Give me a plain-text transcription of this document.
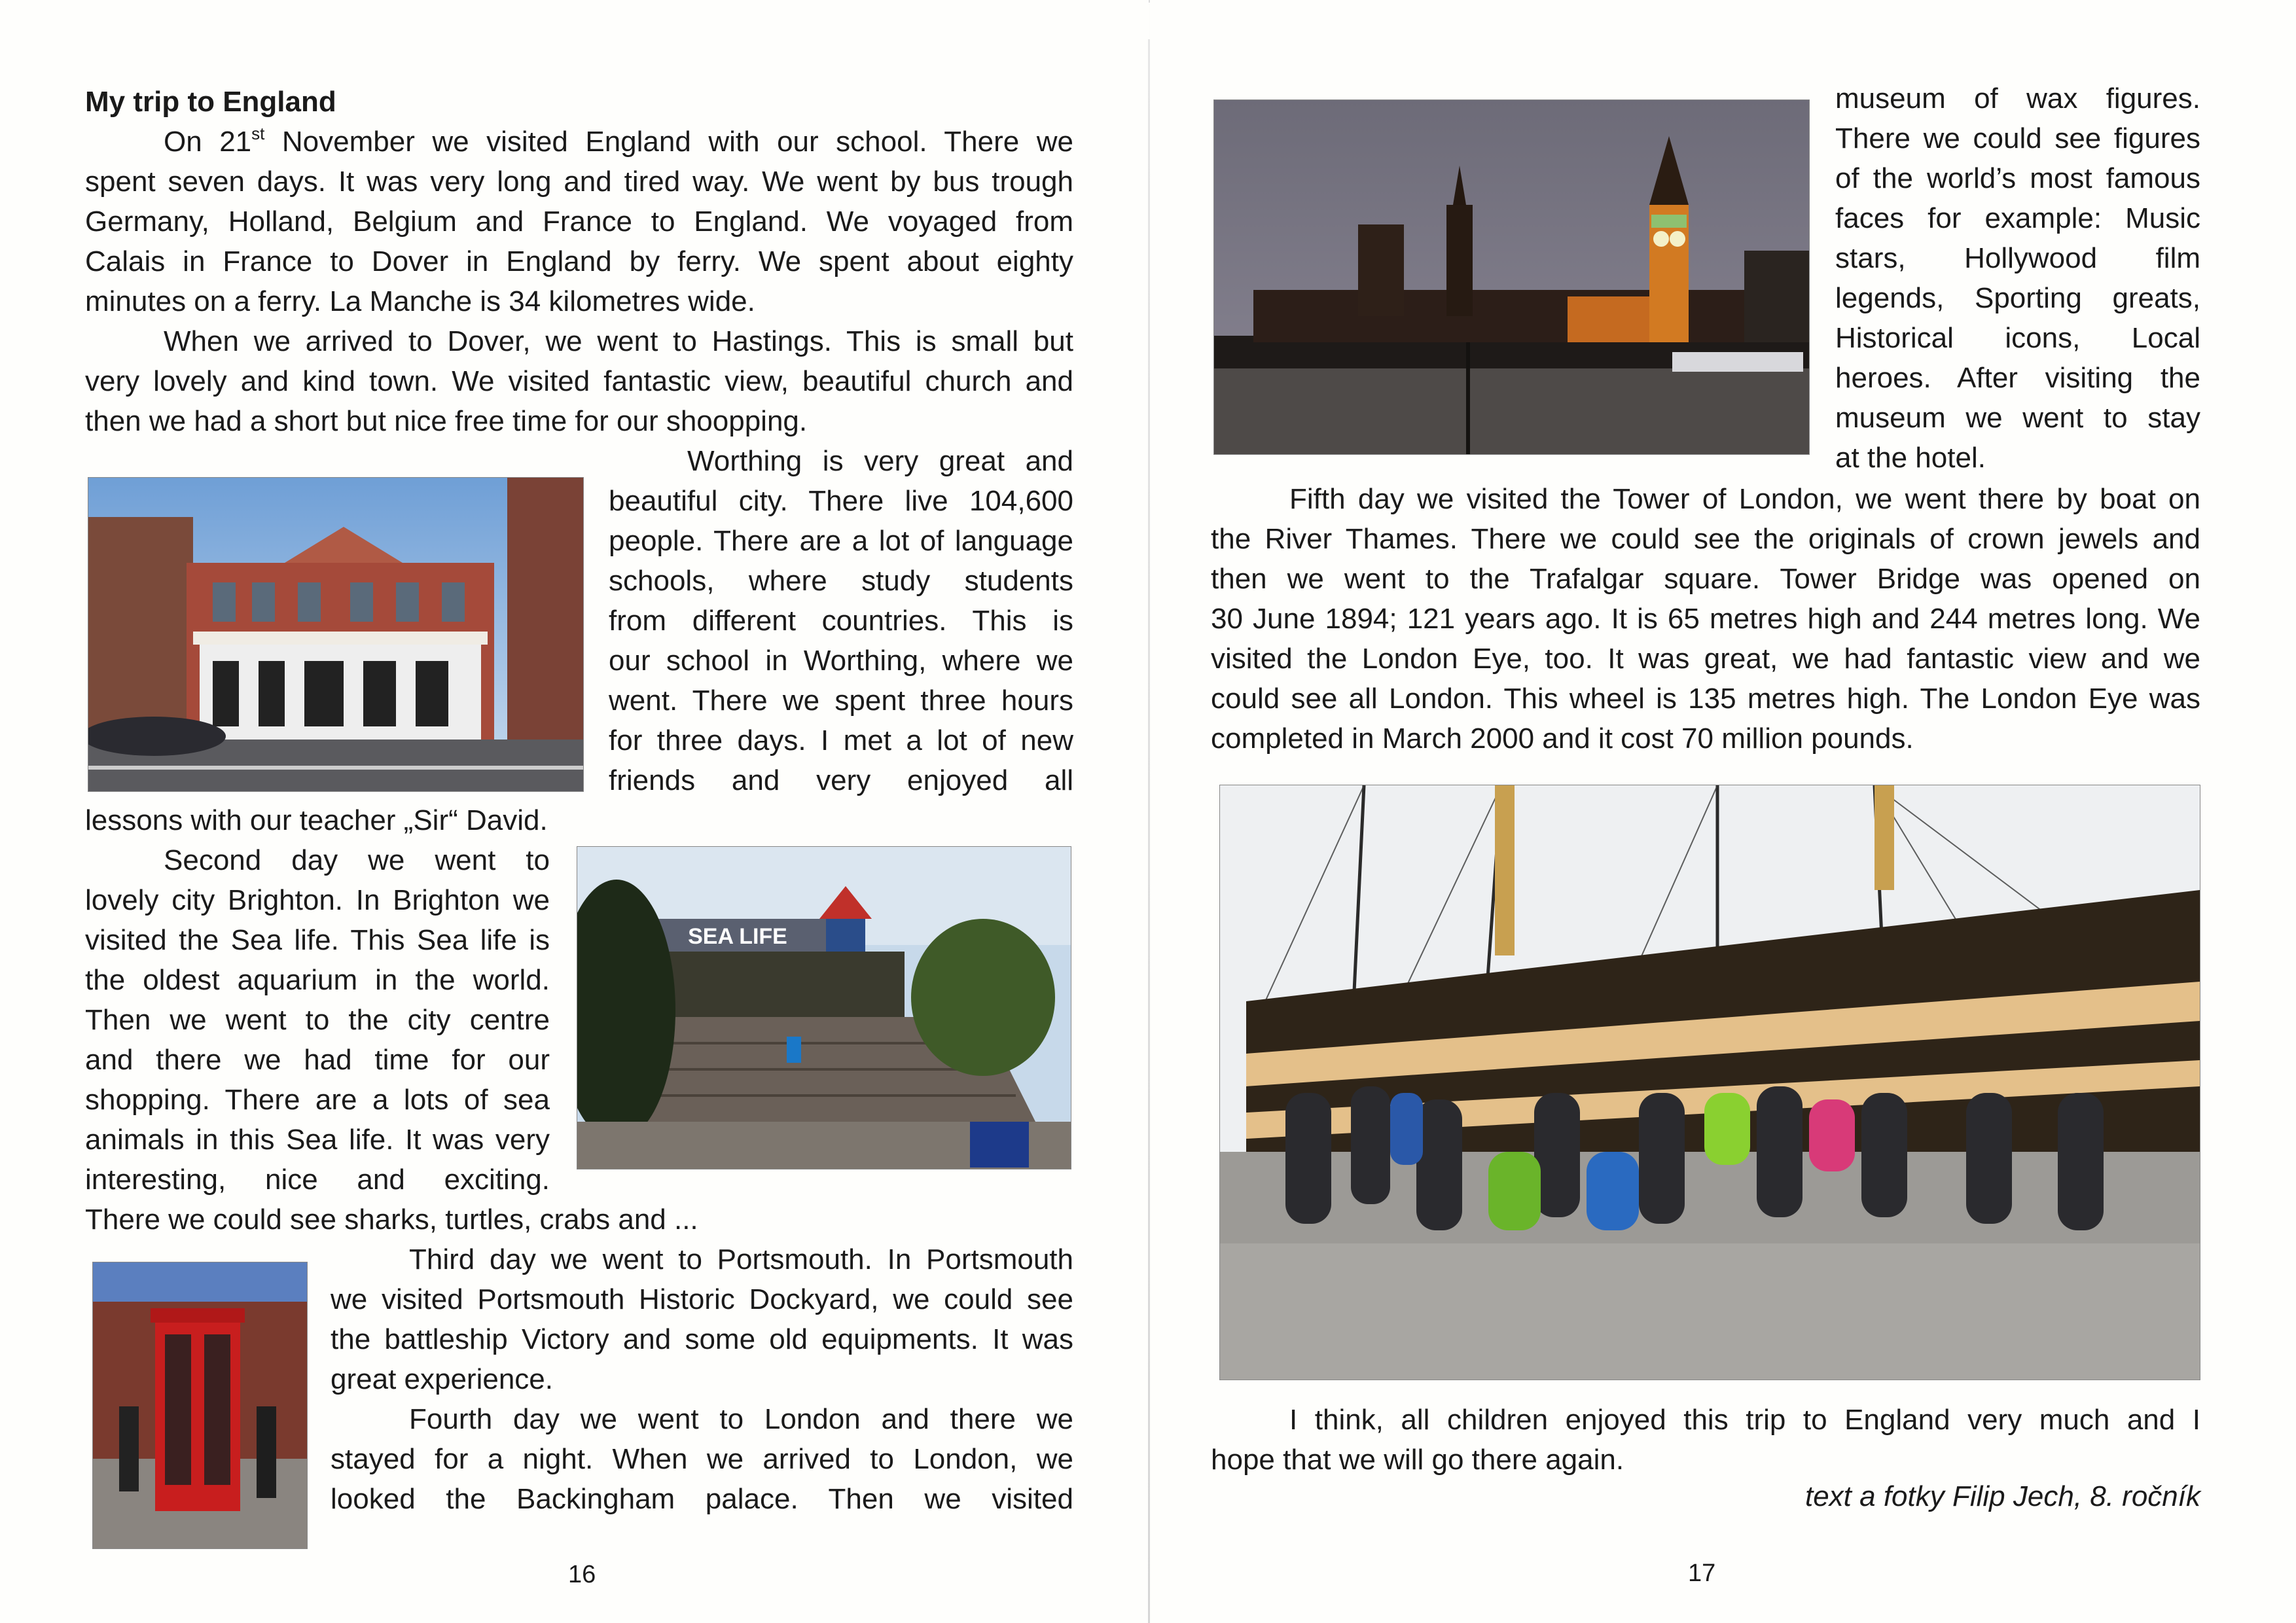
My trip to England
On 21st November we visited England with our school. There we
spent seven days. It was very long and tired way. We went by bus trough
Germany, Holland, Belgium and France to England. We voyaged from
Calais in France to Dover in England by ferry. We spent about eighty
minutes on a ferry. La Manche is 34 kilometres wide.
When we arrived to Dover, we went to Hastings. This is small but
very lovely and kind town. We visited fantastic view, beautiful church and
then we had a short but nice free time for our shoopping.
Worthing is very great and
beautiful city. There live 104,600
people. There are a lot of language
schools, where study students
from different countries. This is
our school in Worthing, where we
went. There we spent three hours
for three days. I met a lot of new
friends and very enjoyed all
lessons with our teacher „Sir“ David.
SEA LIFE
Second day we went to
lovely city Brighton. In Brighton we
visited the Sea life. This Sea life is
the oldest aquarium in the world.
Then we went to the city centre
and there we had time for our
shopping. There are a lots of sea
animals in this Sea life. It was very
interesting, nice and exciting.
There we could see sharks, turtles, crabs and ...
Third day we went to Portsmouth. In Portsmouth
we visited Portsmouth Historic Dockyard, we could see
the battleship Victory and some old equipments. It was
great experience.
Fourth day we went to London and there we
stayed for a night. When we arrived to London, we
looked the Backingham palace. Then we visited
16
museum of wax figures.
There we could see figures
of the world’s most famous
faces for example: Music
stars, Hollywood film
legends, Sporting greats,
Historical icons, Local
heroes. After visiting the
museum we went to stay
at the hotel.
Fifth day we visited the Tower of London, we went there by boat on
the River Thames. There we could see the originals of crown jewels and
then we went to the Trafalgar square. Tower Bridge was opened on
30 June 1894; 121 years ago. It is 65 metres high and 244 metres long. We
visited the London Eye, too. It was great, we had fantastic view and we
could see all London. This wheel is 135 metres high. The London Eye was
completed in March 2000 and it cost 70 million pounds.
I think, all children enjoyed this trip to England very much and I
hope that we will go there again.
text a fotky Filip Jech, 8. ročník
17
